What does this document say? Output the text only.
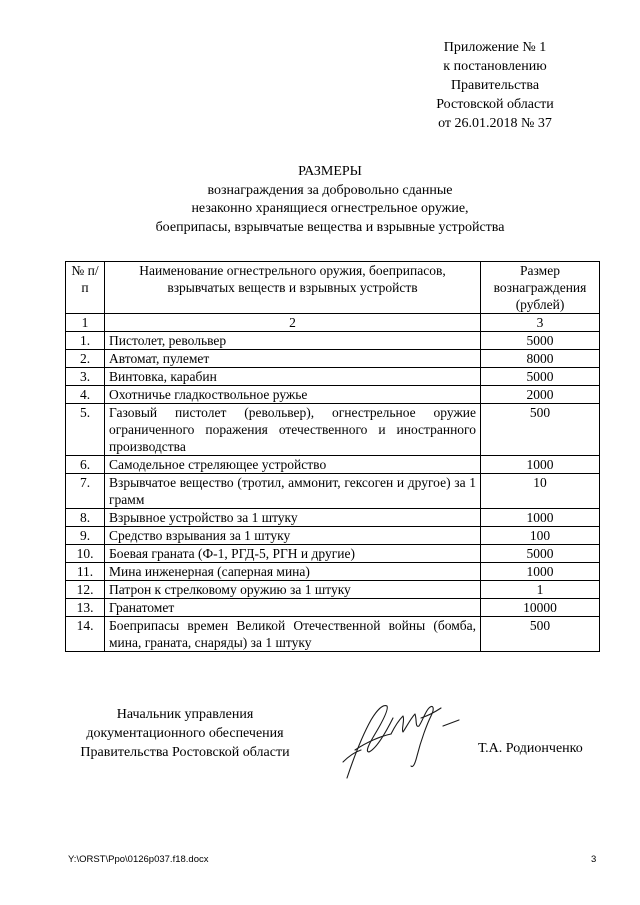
Приложение № 1
к постановлению
Правительства
Ростовской области
от 26.01.2018 № 37
РАЗМЕРЫ
вознаграждения за добровольно сданные
незаконно хранящиеся огнестрельное оружие,
боеприпасы, взрывчатые вещества и взрывные устройства
№ п/п	Наименование огнестрельного оружия, боеприпасов, взрывчатых веществ и взрывных устройств	Размер вознаграждения (рублей)
1	2	3
1.	Пистолет, револьвер	5000
2.	Автомат, пулемет	8000
3.	Винтовка, карабин	5000
4.	Охотничье гладкоствольное ружье	2000
5.	Газовый пистолет (револьвер), огнестрельное оружие ограниченного поражения отечественного и иностранного производства	500
6.	Самодельное стреляющее устройство	1000
7.	Взрывчатое вещество (тротил, аммонит, гексоген и другое) за 1 грамм	10
8.	Взрывное устройство за 1 штуку	1000
9.	Средство взрывания за 1 штуку	100
10.	Боевая граната (Ф-1, РГД-5, РГН и другие)	5000
11.	Мина инженерная (саперная мина)	1000
12.	Патрон к стрелковому оружию за 1 штуку	1
13.	Гранатомет	10000
14.	Боеприпасы времен Великой Отечественной войны (бомба, мина, граната, снаряды) за 1 штуку	500
Начальник управления
документационного обеспечения
Правительства Ростовской области	Т.А. Родионченко
Y:\ORST\Ppo\0126p037.f18.docx	3
